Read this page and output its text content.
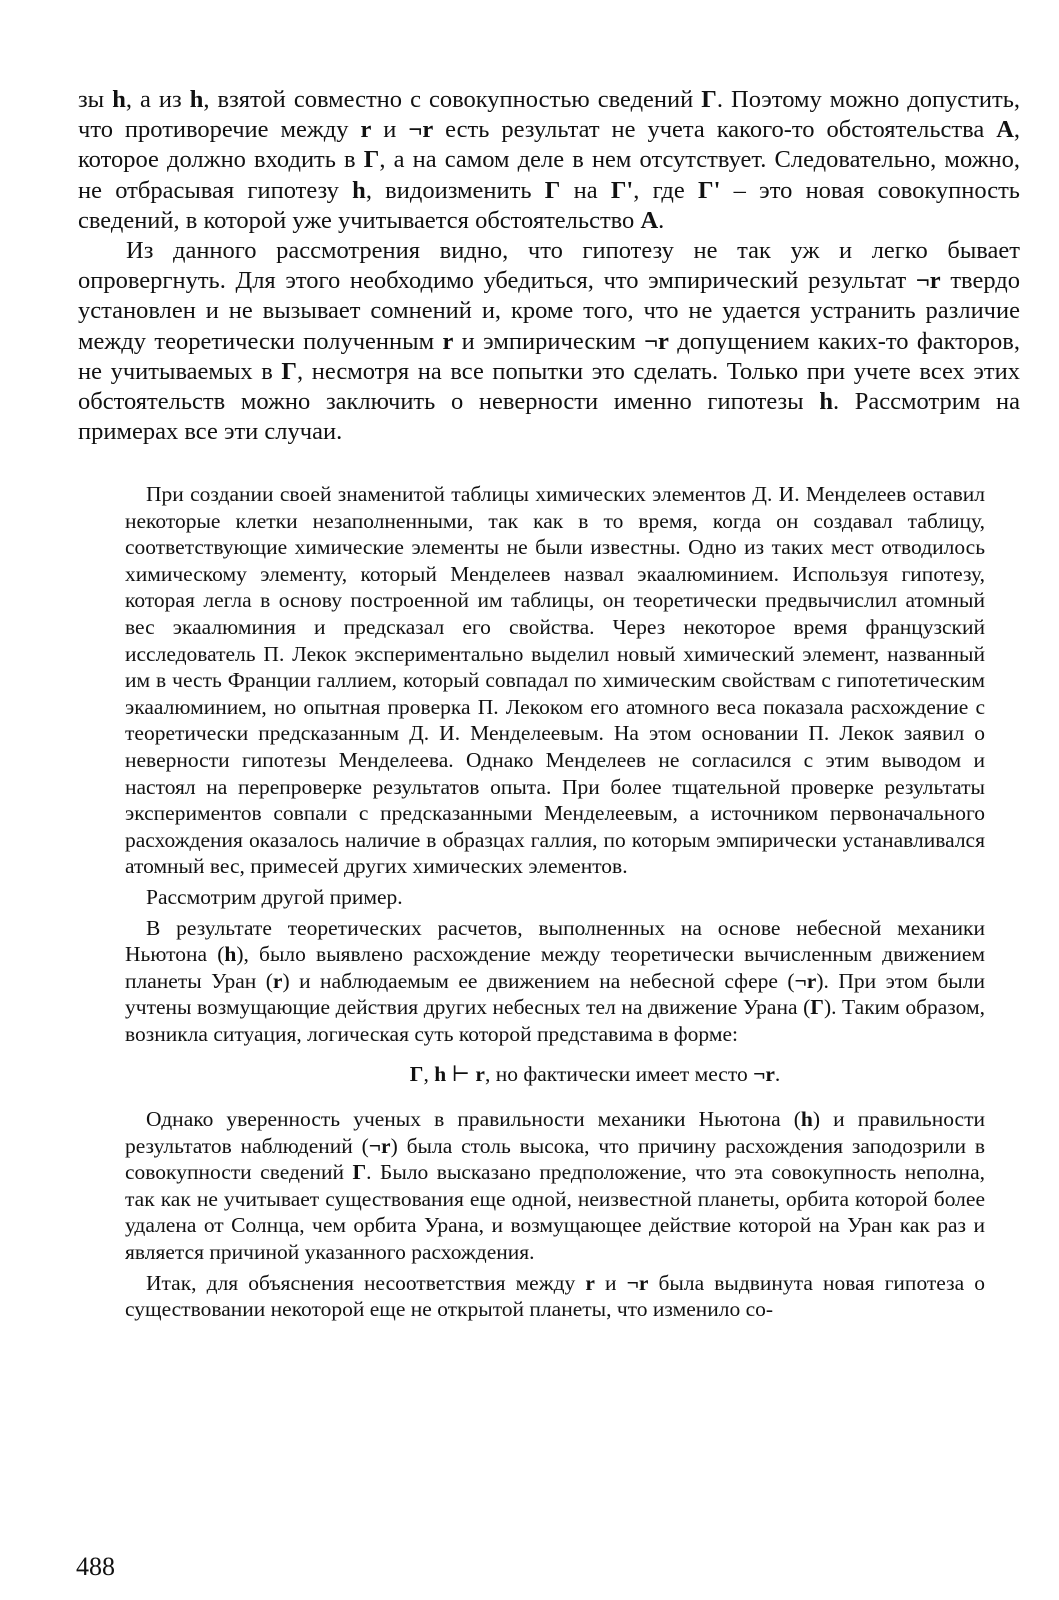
зы h, а из h, взятой совместно с совокупностью сведений Г. Поэтому можно допустить, что противоречие между r и ¬r есть результат не учета какого-то обстоятельства А, которое должно входить в Г, а на самом деле в нем отсутствует. Следовательно, можно, не отбрасывая гипотезу h, видоизменить Г на Г', где Г' – это новая совокупность сведений, в которой уже учитывается обстоятельство А.

Из данного рассмотрения видно, что гипотезу не так уж и легко бывает опровергнуть. Для этого необходимо убедиться, что эмпирический результат ¬r твердо установлен и не вызывает сомнений и, кроме того, что не удается устранить различие между теоретически полученным r и эмпирическим ¬r допущением каких-то факторов, не учитываемых в Г, несмотря на все попытки это сделать. Только при учете всех этих обстоятельств можно заключить о неверности именно гипотезы h. Рассмотрим на примерах все эти случаи.

При создании своей знаменитой таблицы химических элементов Д. И. Менделеев оставил некоторые клетки незаполненными, так как в то время, когда он создавал таблицу, соответствующие химические элементы не были известны. Одно из таких мест отводилось химическому элементу, который Менделеев назвал экаалюминием. Используя гипотезу, которая легла в основу построенной им таблицы, он теоретически предвычислил атомный вес экаалюминия и предсказал его свойства. Через некоторое время французский исследователь П. Лекок экспериментально выделил новый химический элемент, названный им в честь Франции галлием, который совпадал по химическим свойствам с гипотетическим экаалюминием, но опытная проверка П. Лекоком его атомного веса показала расхождение с теоретически предсказанным Д. И. Менделеевым. На этом основании П. Лекок заявил о неверности гипотезы Менделеева. Однако Менделеев не согласился с этим выводом и настоял на перепроверке результатов опыта. При более тщательной проверке результаты экспериментов совпали с предсказанными Менделеевым, а источником первоначального расхождения оказалось наличие в образцах галлия, по которым эмпирически устанавливался атомный вес, примесей других химических элементов.

Рассмотрим другой пример.

В результате теоретических расчетов, выполненных на основе небесной механики Ньютона (h), было выявлено расхождение между теоретически вычисленным движением планеты Уран (r) и наблюдаемым ее движением на небесной сфере (¬r). При этом были учтены возмущающие действия других небесных тел на движение Урана (Г). Таким образом, возникла ситуация, логическая суть которой представима в форме:

Г, h ⊢ r, но фактически имеет место ¬r.

Однако уверенность ученых в правильности механики Ньютона (h) и правильности результатов наблюдений (¬r) была столь высока, что причину расхождения заподозрили в совокупности сведений Г. Было высказано предположение, что эта совокупность неполна, так как не учитывает существования еще одной, неизвестной планеты, орбита которой более удалена от Солнца, чем орбита Урана, и возмущающее действие которой на Уран как раз и является причиной указанного расхождения.

Итак, для объяснения несоответствия между r и ¬r была выдвинута новая гипотеза о существовании некоторой еще не открытой планеты, что изменило со-

488
